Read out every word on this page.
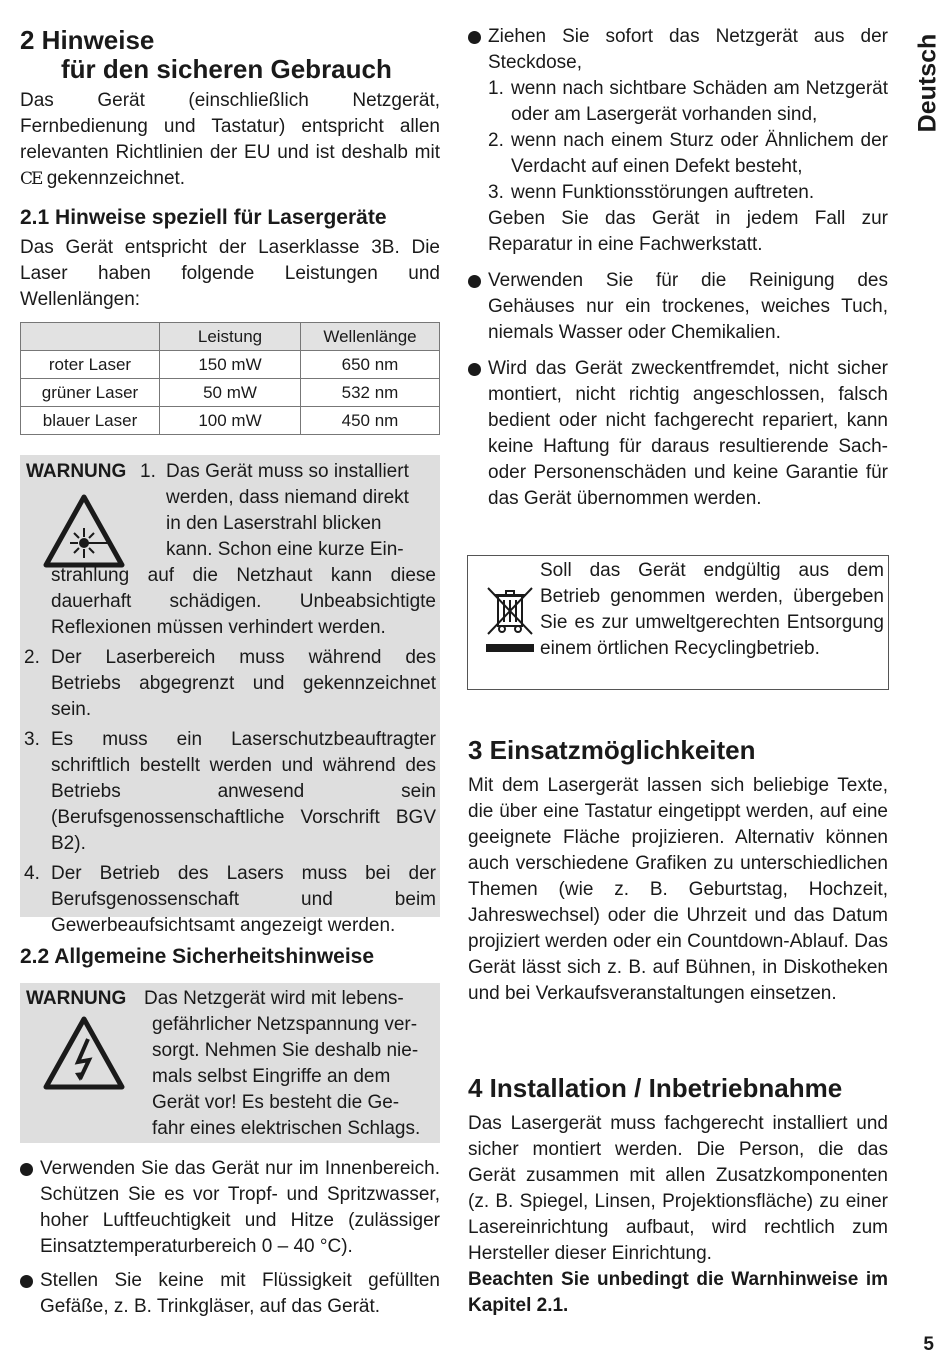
Deutsch

2 Hinweise

für den sicheren Gebrauch

Das Gerät (einschließlich Netzgerät, Fernbedienung und Tastatur) entspricht allen relevanten Richtlinien der EU und ist deshalb mit CE gekennzeichnet.

2.1 Hinweise speziell für Lasergeräte

Das Gerät entspricht der Laserklasse 3B. Die Laser haben folgende Leistungen und Wellenlängen:

	Leistung	Wellenlänge
roter Laser	150 mW	650 nm
grüner Laser	50 mW	532 nm
blauer Laser	100 mW	450 nm
WARNUNG 1. Das Gerät muss so installiert
werden, dass niemand direkt
in den Laserstrahl blicken
kann. Schon eine kurze Ein-

strahlung auf die Netzhaut kann diese dauerhaft schädigen. Unbeabsichtigte Reflexionen müssen verhindert werden.

2. Der Laserbereich muss während des Betriebs abgegrenzt und gekennzeichnet sein.
3. Es muss ein Laserschutzbeauftragter schriftlich bestellt werden und während des Betriebs anwesend sein (Berufsgenossenschaftliche Vorschrift BGV B2).
4. Der Betrieb des Lasers muss bei der Berufsgenossenschaft und beim Gewerbeaufsichtsamt angezeigt werden.

2.2 Allgemeine Sicherheitshinweise

WARNUNG Das Netzgerät wird mit lebens-
gefährlicher Netzspannung ver-
sorgt. Nehmen Sie deshalb nie-
mals selbst Eingriffe an dem
Gerät vor! Es besteht die Ge-
fahr eines elektrischen Schlags.

Verwenden Sie das Gerät nur im Innenbereich. Schützen Sie es vor Tropf- und Spritzwasser, hoher Luftfeuchtigkeit und Hitze (zulässiger Einsatztemperaturbereich 0 – 40 °C).

Stellen Sie keine mit Flüssigkeit gefüllten Gefäße, z. B. Trinkgläser, auf das Gerät.

Ziehen Sie sofort das Netzgerät aus der Steckdose,

1. wenn nach sichtbare Schäden am Netzgerät oder am Lasergerät vorhanden sind,
2. wenn nach einem Sturz oder Ähnlichem der Verdacht auf einen Defekt besteht,
3. wenn Funktionsstörungen auftreten.

Geben Sie das Gerät in jedem Fall zur Reparatur in eine Fachwerkstatt.

Verwenden Sie für die Reinigung des Gehäuses nur ein trockenes, weiches Tuch, niemals Wasser oder Chemikalien.

Wird das Gerät zweckentfremdet, nicht sicher montiert, nicht richtig angeschlossen, falsch bedient oder nicht fachgerecht repariert, kann keine Haftung für daraus resultierende Sach- oder Personenschäden und keine Garantie für das Gerät übernommen werden.

Soll das Gerät endgültig aus dem Betrieb genommen werden, übergeben Sie es zur umweltgerechten Entsorgung einem örtlichen Recyclingbetrieb.

3 Einsatzmöglichkeiten

Mit dem Lasergerät lassen sich beliebige Texte, die über eine Tastatur eingetippt werden, auf eine geeignete Fläche projizieren. Alternativ können auch verschiedene Grafiken zu unterschiedlichen Themen (wie z. B. Geburtstag, Hochzeit, Jahreswechsel) oder die Uhrzeit und das Datum projiziert werden oder ein Countdown-Ablauf. Das Gerät lässt sich z. B. auf Bühnen, in Diskotheken und bei Verkaufsveranstaltungen einsetzen.

4 Installation / Inbetriebnahme

Das Lasergerät muss fachgerecht installiert und sicher montiert werden. Die Person, die das Gerät zusammen mit allen Zusatzkomponenten (z. B. Spiegel, Linsen, Projektionsfläche) zu einer Lasereinrichtung aufbaut, wird rechtlich zum Hersteller dieser Einrichtung.

Beachten Sie unbedingt die Warnhinweise im Kapitel 2.1.

5
